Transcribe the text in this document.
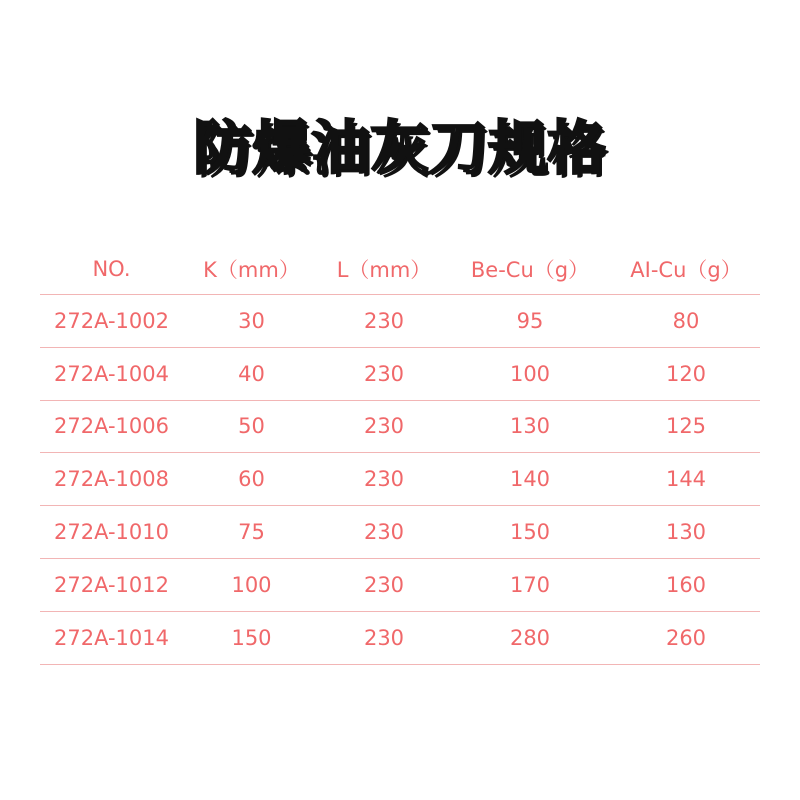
防爆油灰刀规格
NO.	K（mm）	L（mm）	Be-Cu（g）	AI-Cu（g）
272A-1002	30	230	95	80
272A-1004	40	230	100	120
272A-1006	50	230	130	125
272A-1008	60	230	140	144
272A-1010	75	230	150	130
272A-1012	100	230	170	160
272A-1014	150	230	280	260
